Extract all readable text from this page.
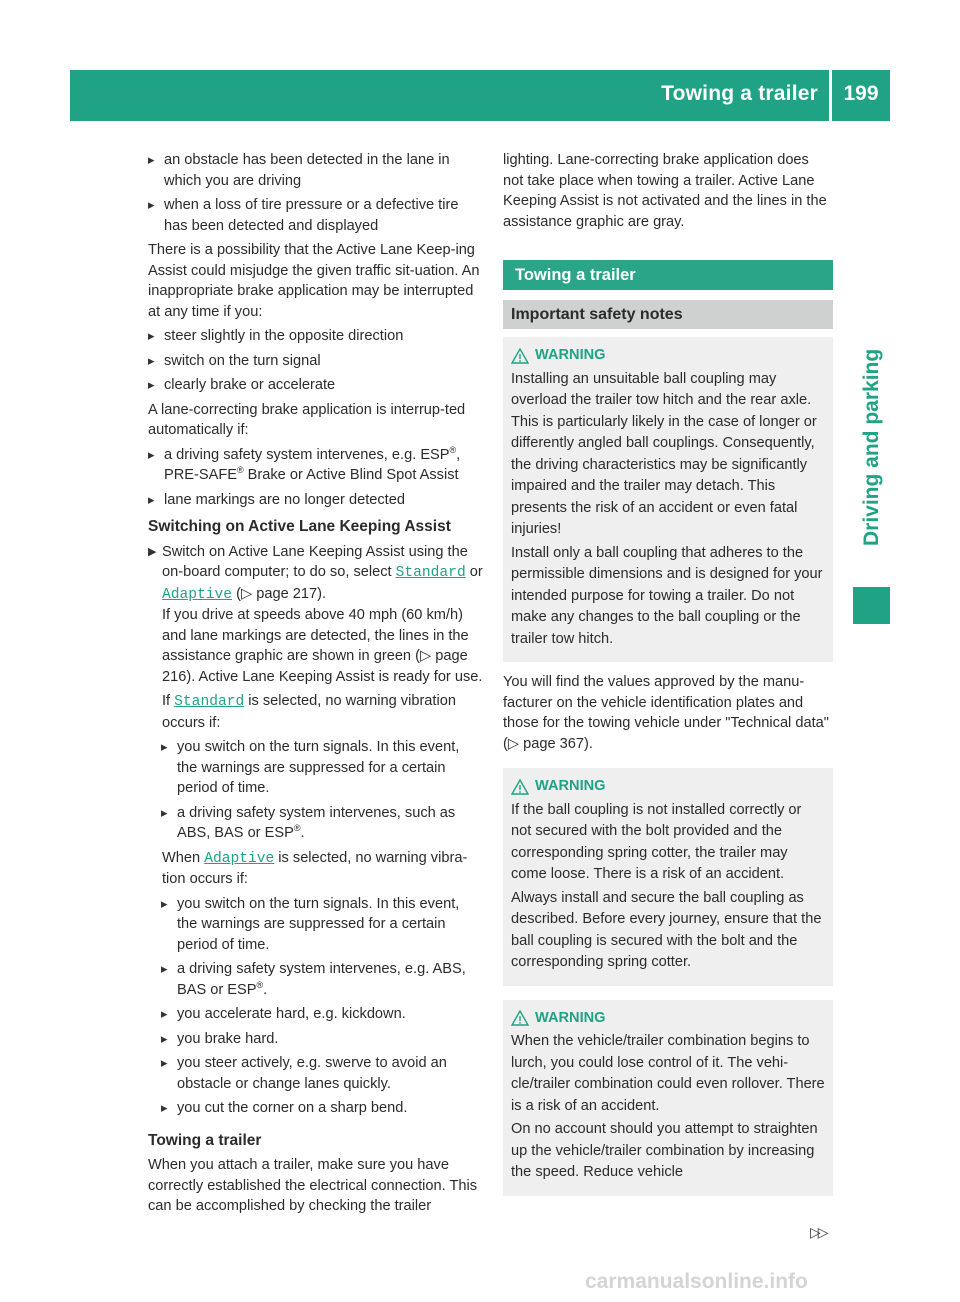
Towing a trailer	199
Driving and parking
▸ an obstacle has been detected in the lane in which you are driving
▸ when a loss of tire pressure or a defective tire has been detected and displayed

There is a possibility that the Active Lane Keep-ing Assist could misjudge the given traffic sit-uation. An inappropriate brake application may be interrupted at any time if you:

▸ steer slightly in the opposite direction
▸ switch on the turn signal
▸ clearly brake or accelerate

A lane-correcting brake application is interrup-ted automatically if:

▸ a driving safety system intervenes, e.g. ESP®,
PRE-SAFE® Brake or Active Blind Spot Assist
▸ lane markings are no longer detected
Switching on Active Lane Keeping Assist
▶ Switch on Active Lane Keeping Assist using the on-board computer; to do so, select Standard or Adaptive (▷ page 217).

If you drive at speeds above 40 mph (60 km/h) and lane markings are detected, the lines in the assistance graphic are shown in green (▷ page 216). Active Lane Keeping Assist is ready for use.

If Standard is selected, no warning vibration occurs if:

▸ you switch on the turn signals. In this event, the warnings are suppressed for a certain period of time.
▸ a driving safety system intervenes, such as ABS, BAS or ESP®.

When Adaptive is selected, no warning vibra-tion occurs if:

▸ you switch on the turn signals. In this event, the warnings are suppressed for a certain period of time.
▸ a driving safety system intervenes, e.g. ABS, BAS or ESP®.
▸ you accelerate hard, e.g. kickdown.
▸ you brake hard.
▸ you steer actively, e.g. swerve to avoid an obstacle or change lanes quickly.
▸ you cut the corner on a sharp bend.
Towing a trailer

When you attach a trailer, make sure you have correctly established the electrical connection. This can be accomplished by checking the trailer

lighting. Lane-correcting brake application does not take place when towing a trailer. Active Lane Keeping Assist is not activated and the lines in the assistance graphic are gray.

Towing a trailer
Important safety notes
WARNING

Installing an unsuitable ball coupling may overload the trailer tow hitch and the rear axle. This is particularly likely in the case of longer or differently angled ball couplings. Consequently, the driving characteristics may be significantly impaired and the trailer may detach. This presents the risk of an accident or even fatal injuries!

Install only a ball coupling that adheres to the permissible dimensions and is designed for your intended purpose for towing a trailer. Do not make any changes to the ball coupling or the trailer tow hitch.

You will find the values approved by the manu-facturer on the vehicle identification plates and those for the towing vehicle under "Technical data" (▷ page 367).

WARNING

If the ball coupling is not installed correctly or not secured with the bolt provided and the corresponding spring cotter, the trailer may come loose. There is a risk of an accident.

Always install and secure the ball coupling as described. Before every journey, ensure that the ball coupling is secured with the bolt and the corresponding spring cotter.

WARNING

When the vehicle/trailer combination begins to lurch, you could lose control of it. The vehi-cle/trailer combination could even rollover. There is a risk of an accident.

On no account should you attempt to straighten up the vehicle/trailer combination by increasing the speed. Reduce vehicle

▷▷
carmanualsonline.info
